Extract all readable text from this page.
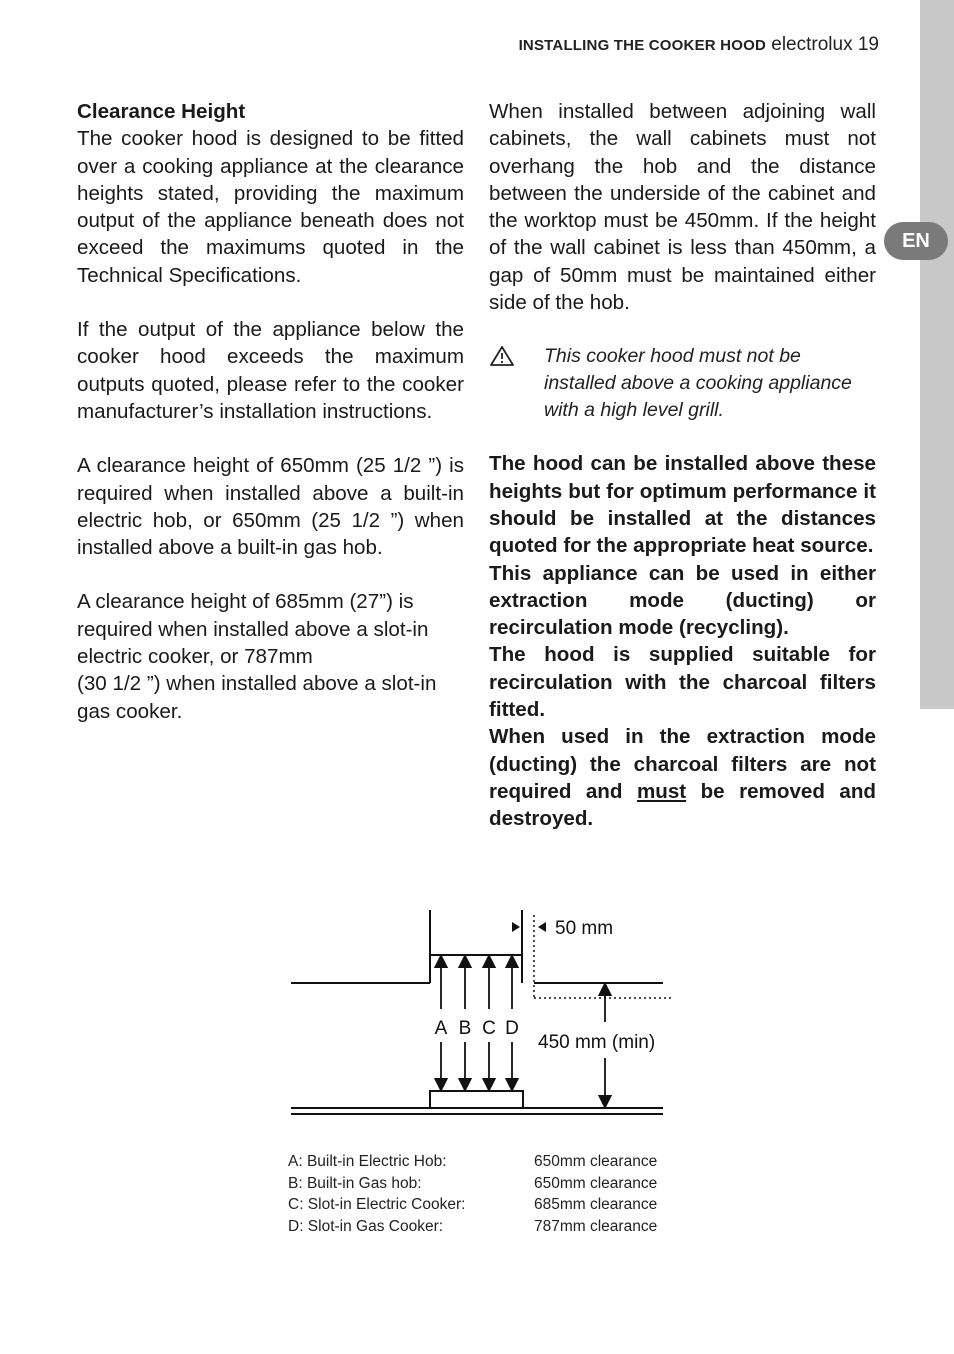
EN
INSTALLING THE COOKER HOOD electrolux 19

Clearance Height
The cooker hood is designed to be fitted over a cooking appliance at the clearance heights stated, providing the maximum output of the appliance beneath does not exceed the maximums quoted in the Technical Specifications.

If the output of the appliance below the cooker hood exceeds the maximum outputs quoted, please refer to the cooker manufacturer’s installation instructions.

A clearance height of 650mm (25 1/2 ”) is required when installed above a built-in electric hob, or 650mm (25 1/2 ”) when installed above a built-in gas hob.

A clearance height of 685mm (27”) is required when installed above a slot-in electric cooker, or 787mm
(30 1/2 ”) when installed above a slot-in gas cooker.

When installed between adjoining wall cabinets, the wall cabinets must not overhang the hob and the distance between the underside of the cabinet and the worktop must be 450mm. If the height of the wall cabinet is less than 450mm, a gap of 50mm must be maintained either side of the hob.

This cooker hood must not be installed above a cooking appliance with a high level grill.
The hood can be installed above these heights but for optimum performance it should be installed at the distances quoted for the appropriate heat source.
This appliance can be used in either extraction mode (ducting) or recirculation mode (recycling).
The hood is supplied suitable for recirculation with the charcoal filters fitted.
When used in the extraction mode (ducting) the charcoal filters are not required and must be removed and destroyed.
50 mm
A B C D
450 mm (min)
A: Built-in Electric Hob:	650mm clearance
B: Built-in Gas hob:	650mm clearance
C: Slot-in Electric Cooker:	685mm clearance
D: Slot-in Gas Cooker:	787mm clearance
